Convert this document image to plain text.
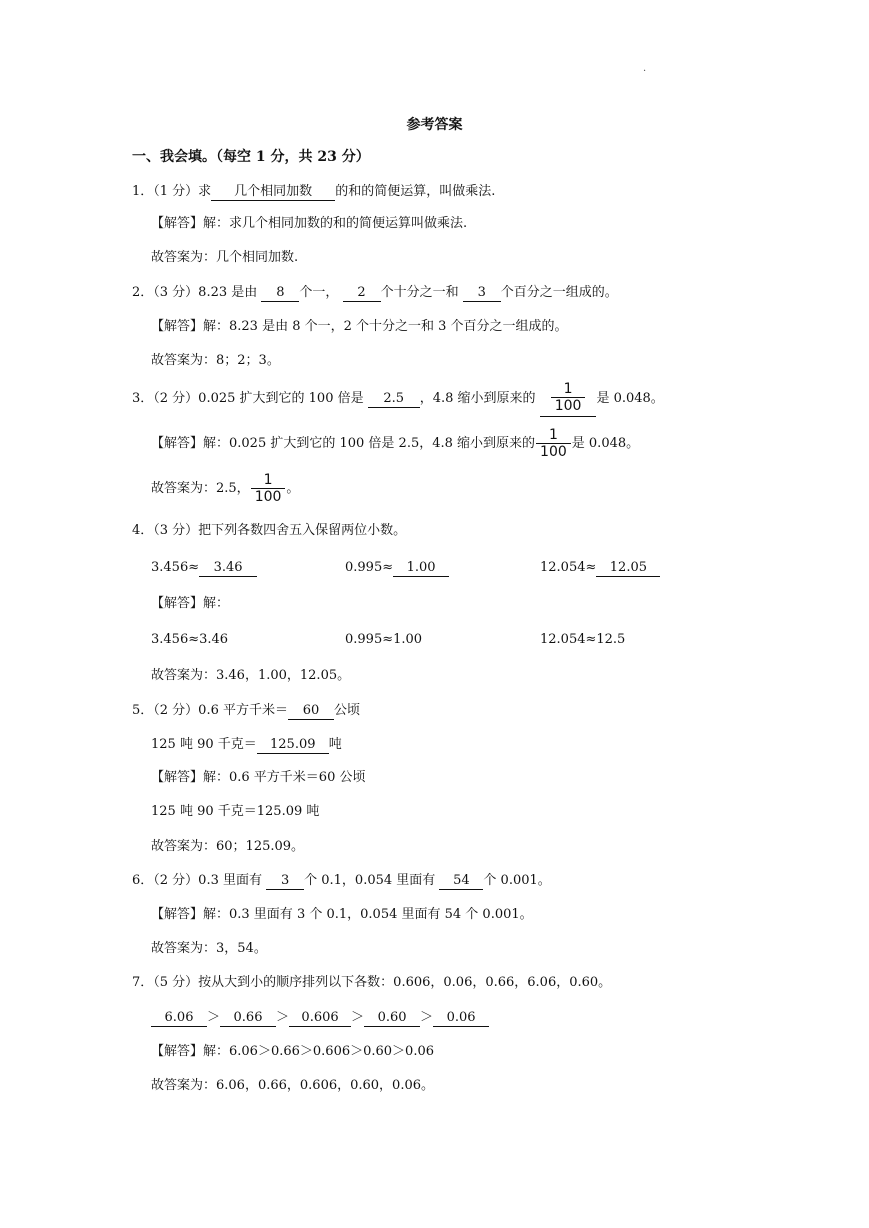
·
参考答案
一、我会填。（每空 1 分，共 23 分）
1．（1 分）求 几个相同加数 的和的简便运算，叫做乘法.
【解答】解：求几个相同加数的和的简便运算叫做乘法.
故答案为：几个相同加数.
2．（3 分）8.23 是由 8 个一， 2 个十分之一和 3 个百分之一组成的。
【解答】解：8.23 是由 8 个一，2 个十分之一和 3 个百分之一组成的。
故答案为：8；2；3。
3．（2 分）0.025 扩大到它的 100 倍是 2.5 ，4.8 缩小到原来的 $\frac{1}{100}$ 是 0.048。
【解答】解：0.025 扩大到它的 100 倍是 2.5，4.8 缩小到原来的 $\frac{1}{100}$ 是 0.048。
故答案为：2.5， $\frac{1}{100}$ 。
4．（3 分）把下列各数四舍五入保留两位小数。
3.456≈ 3.46	0.995≈ 1.00	12.054≈ 12.05
【解答】解：
3.456≈3.46	0.995≈1.00	12.054≈12.5
故答案为：3.46，1.00，12.05。
5．（2 分）0.6 平方千米＝ 60 公顷
125 吨 90 千克＝ 125.09 吨
【解答】解：0.6 平方千米＝60 公顷
125 吨 90 千克＝125.09 吨
故答案为：60；125.09。
6．（2 分）0.3 里面有 3 个 0.1，0.054 里面有 54 个 0.001。
【解答】解：0.3 里面有 3 个 0.1，0.054 里面有 54 个 0.001。
故答案为：3，54。
7．（5 分）按从大到小的顺序排列以下各数：0.606，0.06，0.66，6.06，0.60。
6.06 ＞ 0.66 ＞ 0.606 ＞ 0.60 ＞ 0.06
【解答】解：6.06＞0.66＞0.606＞0.60＞0.06
故答案为：6.06，0.66，0.606，0.60，0.06。
